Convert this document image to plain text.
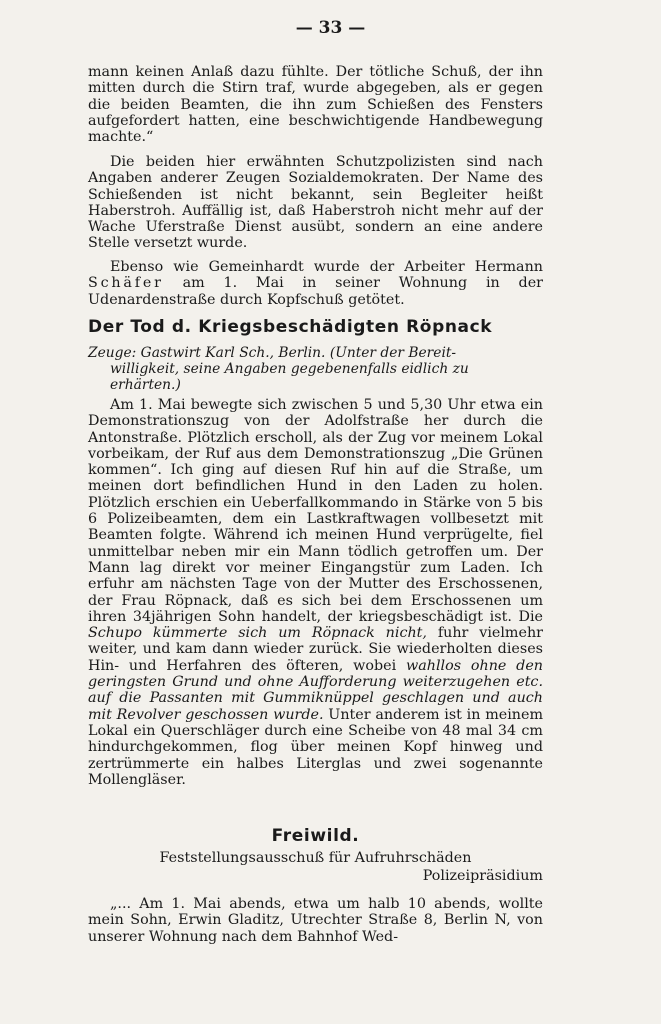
— 33 —

mann keinen Anlaß dazu fühlte. Der tötliche Schuß, der ihn mitten durch die Stirn traf, wurde abgegeben, als er gegen die beiden Beamten, die ihn zum Schießen des Fensters aufgefordert hatten, eine beschwichtigende Handbewegung machte.“

Die beiden hier erwähnten Schutzpolizisten sind nach Angaben anderer Zeugen Sozialdemokraten. Der Name des Schießenden ist nicht bekannt, sein Begleiter heißt Haberstroh. Auffällig ist, daß Haberstroh nicht mehr auf der Wache Uferstraße Dienst ausübt, sondern an eine andere Stelle versetzt wurde.

Ebenso wie Gemeinhardt wurde der Arbeiter Hermann Schäfer am 1. Mai in seiner Wohnung in der Udenardenstraße durch Kopfschuß getötet.

Der Tod d. Kriegsbeschädigten Röpnack

Zeuge: Gastwirt Karl Sch., Berlin. (Unter der Bereit-
willigkeit, seine Angaben gegebenenfalls eidlich zu
erhärten.)

Am 1. Mai bewegte sich zwischen 5 und 5,30 Uhr etwa ein Demonstrationszug von der Adolfstraße her durch die Antonstraße. Plötzlich erscholl, als der Zug vor meinem Lokal vorbeikam, der Ruf aus dem Demonstrationszug „Die Grünen kommen“. Ich ging auf diesen Ruf hin auf die Straße, um meinen dort befindlichen Hund in den Laden zu holen. Plötzlich erschien ein Ueberfallkommando in Stärke von 5 bis 6 Polizeibeamten, dem ein Lastkraftwagen vollbesetzt mit Beamten folgte. Während ich meinen Hund verprügelte, fiel unmittelbar neben mir ein Mann tödlich getroffen um. Der Mann lag direkt vor meiner Eingangstür zum Laden. Ich erfuhr am nächsten Tage von der Mutter des Erschossenen, der Frau Röpnack, daß es sich bei dem Erschossenen um ihren 34jährigen Sohn handelt, der kriegsbeschädigt ist. Die Schupo kümmerte sich um Röpnack nicht, fuhr vielmehr weiter, und kam dann wieder zurück. Sie wiederholten dieses Hin- und Herfahren des öfteren, wobei wahllos ohne den geringsten Grund und ohne Aufforderung weiterzugehen etc. auf die Passanten mit Gummiknüppel geschlagen und auch mit Revolver geschossen wurde. Unter anderem ist in meinem Lokal ein Querschläger durch eine Scheibe von 48 mal 34 cm hindurchgekommen, flog über meinen Kopf hinweg und zertrümmerte ein halbes Literglas und zwei sogenannte Mollengläser.

Freiwild.

Feststellungsausschuß für Aufruhrschäden

Polizeipräsidium

„... Am 1. Mai abends, etwa um halb 10 abends, wollte mein Sohn, Erwin Gladitz, Utrechter Straße 8, Berlin N, von unserer Wohnung nach dem Bahnhof Wed-
